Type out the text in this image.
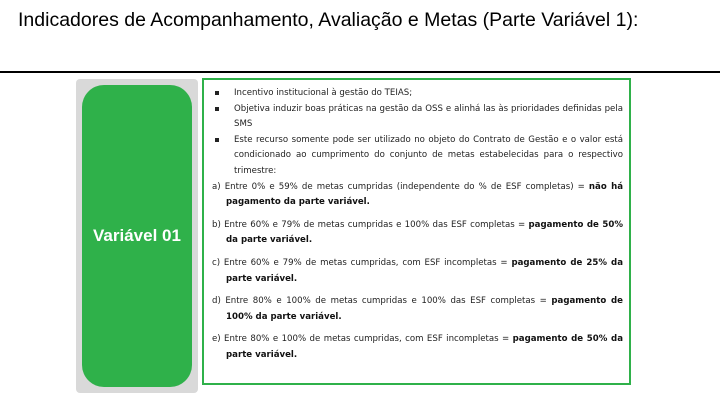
Indicadores de Acompanhamento, Avaliação e Metas (Parte Variável 1):
Variável 01
Incentivo institucional à gestão do TEIAS;
Objetiva induzir boas práticas na gestão da OSS e alinhá las às prioridades definidas pela SMS
Este recurso somente pode ser utilizado no objeto do Contrato de Gestão e o valor está condicionado ao cumprimento do conjunto de metas estabelecidas para o respectivo trimestre:
a) Entre 0% e 59% de metas cumpridas (independente do % de ESF completas) = não há pagamento da parte variável.
b) Entre 60% e 79% de metas cumpridas e 100% das ESF completas = pagamento de 50% da parte variável.
c) Entre 60% e 79% de metas cumpridas, com ESF incompletas = pagamento de 25% da parte variável.
d) Entre 80% e 100% de metas cumpridas e 100% das ESF completas = pagamento de 100% da parte variável.
e) Entre 80% e 100% de metas cumpridas, com ESF incompletas = pagamento de 50% da parte variável.
